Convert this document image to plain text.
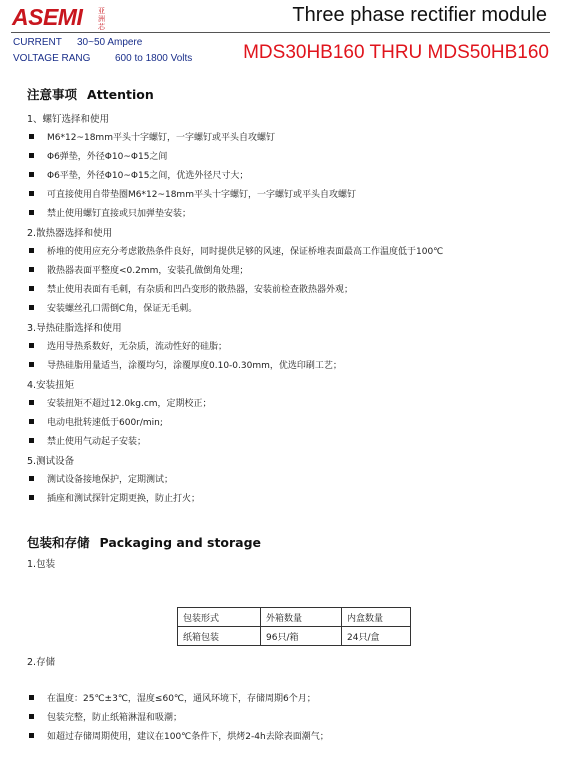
ASEMI 亚洲芯
Three phase rectifier module
CURRENT 30~50 Ampere
VOLTAGE RANG 600 to 1800 Volts	MDS30HB160 THRU MDS50HB160
注意事项 Attention
1、螺钉选择和使用
M6*12~18mm平头十字螺钉，一字螺钉或平头自攻螺钉
Φ6弹垫，外径Φ10~Φ15之间
Φ6平垫，外径Φ10~Φ15之间，优选外径尺寸大；
可直接使用自带垫圈M6*12~18mm平头十字螺钉，一字螺钉或平头自攻螺钉
禁止使用螺钉直接或只加弹垫安装；
2.散热器选择和使用
桥堆的使用应充分考虑散热条件良好，同时提供足够的风速，保证桥堆表面最高工作温度低于100℃
散热器表面平整度<0.2mm，安装孔做倒角处理；
禁止使用表面有毛刺，有杂质和凹凸变形的散热器，安装前检查散热器外观；
安装螺丝孔口需倒C角，保证无毛刺。
3.导热硅脂选择和使用
选用导热系数好，无杂质，流动性好的硅脂；
导热硅脂用量适当，涂覆均匀，涂覆厚度0.10-0.30mm，优选印刷工艺；
4.安装扭矩
安装扭矩不超过12.0kg.cm，定期校正；
电动电批转速低于600r/min;
禁止使用气动起子安装；
5.测试设备
测试设备接地保护，定期测试；
插座和测试探针定期更换，防止打火；
包装和存储 Packaging and storage
1.包装
包装形式	外箱数量	内盒数量
纸箱包装	96只/箱	24只/盒
2.存储
在温度：25℃±3℃，湿度≤60℃，通风环境下，存储周期6个月；
包装完整，防止纸箱淋湿和吸潮；
如超过存储周期使用，建议在100℃条件下，烘烤2-4h去除表面潮气；
